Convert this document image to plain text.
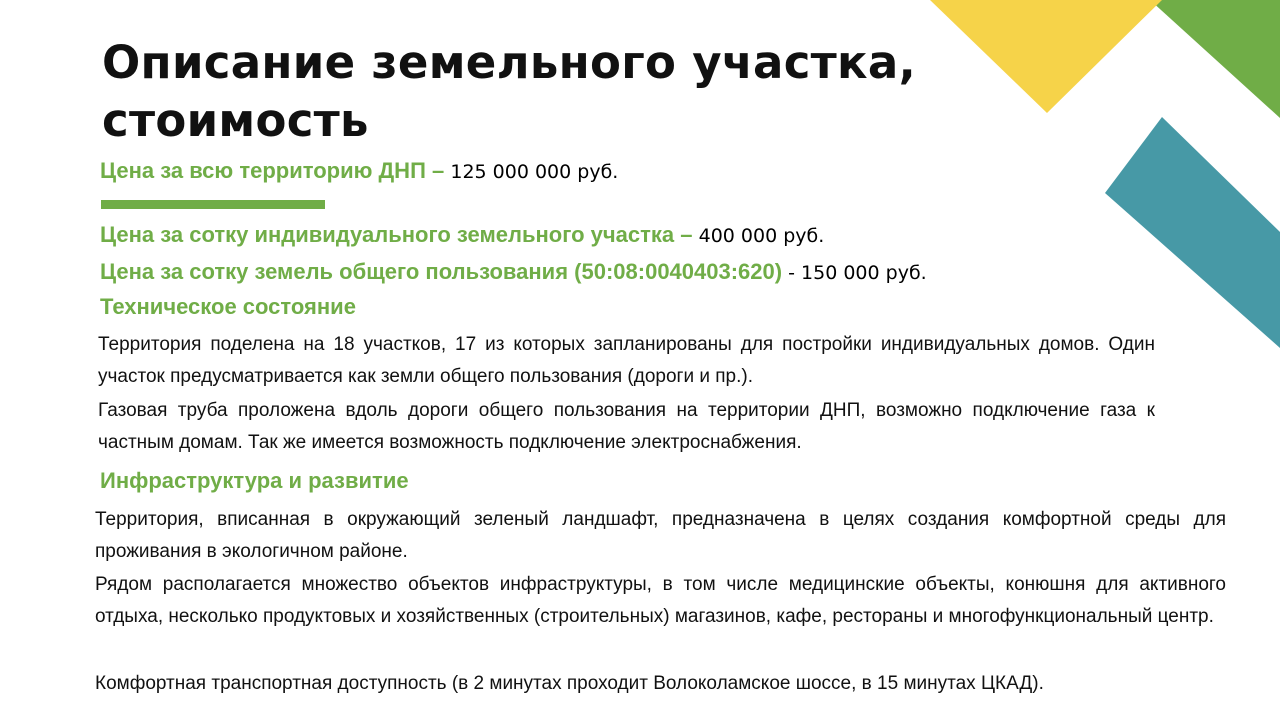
Описание земельного участка,
стоимость

Цена за всю территорию ДНП – 125 000 000 руб.

Цена за сотку индивидуального земельного участка – 400 000 руб.

Цена за сотку земель общего пользования (50:08:0040403:620) - 150 000 руб.

Техническое состояние

Территория поделена на 18 участков, 17 из которых запланированы для постройки индивидуальных домов. Один участок предусматривается как земли общего пользования (дороги и пр.).

Газовая труба проложена вдоль дороги общего пользования на территории ДНП, возможно подключение газа к частным домам. Так же имеется возможность подключение электроснабжения.

Инфраструктура и развитие

Территория, вписанная в окружающий зеленый ландшафт, предназначена в целях создания комфортной среды для проживания в экологичном районе.

Рядом располагается множество объектов инфраструктуры, в том числе медицинские объекты, конюшня для активного отдыха, несколько продуктовых и хозяйственных (строительных) магазинов, кафе, рестораны и многофункциональный центр.

Комфортная транспортная доступность (в 2 минутах проходит Волоколамское шоссе, в 15 минутах ЦКАД).
